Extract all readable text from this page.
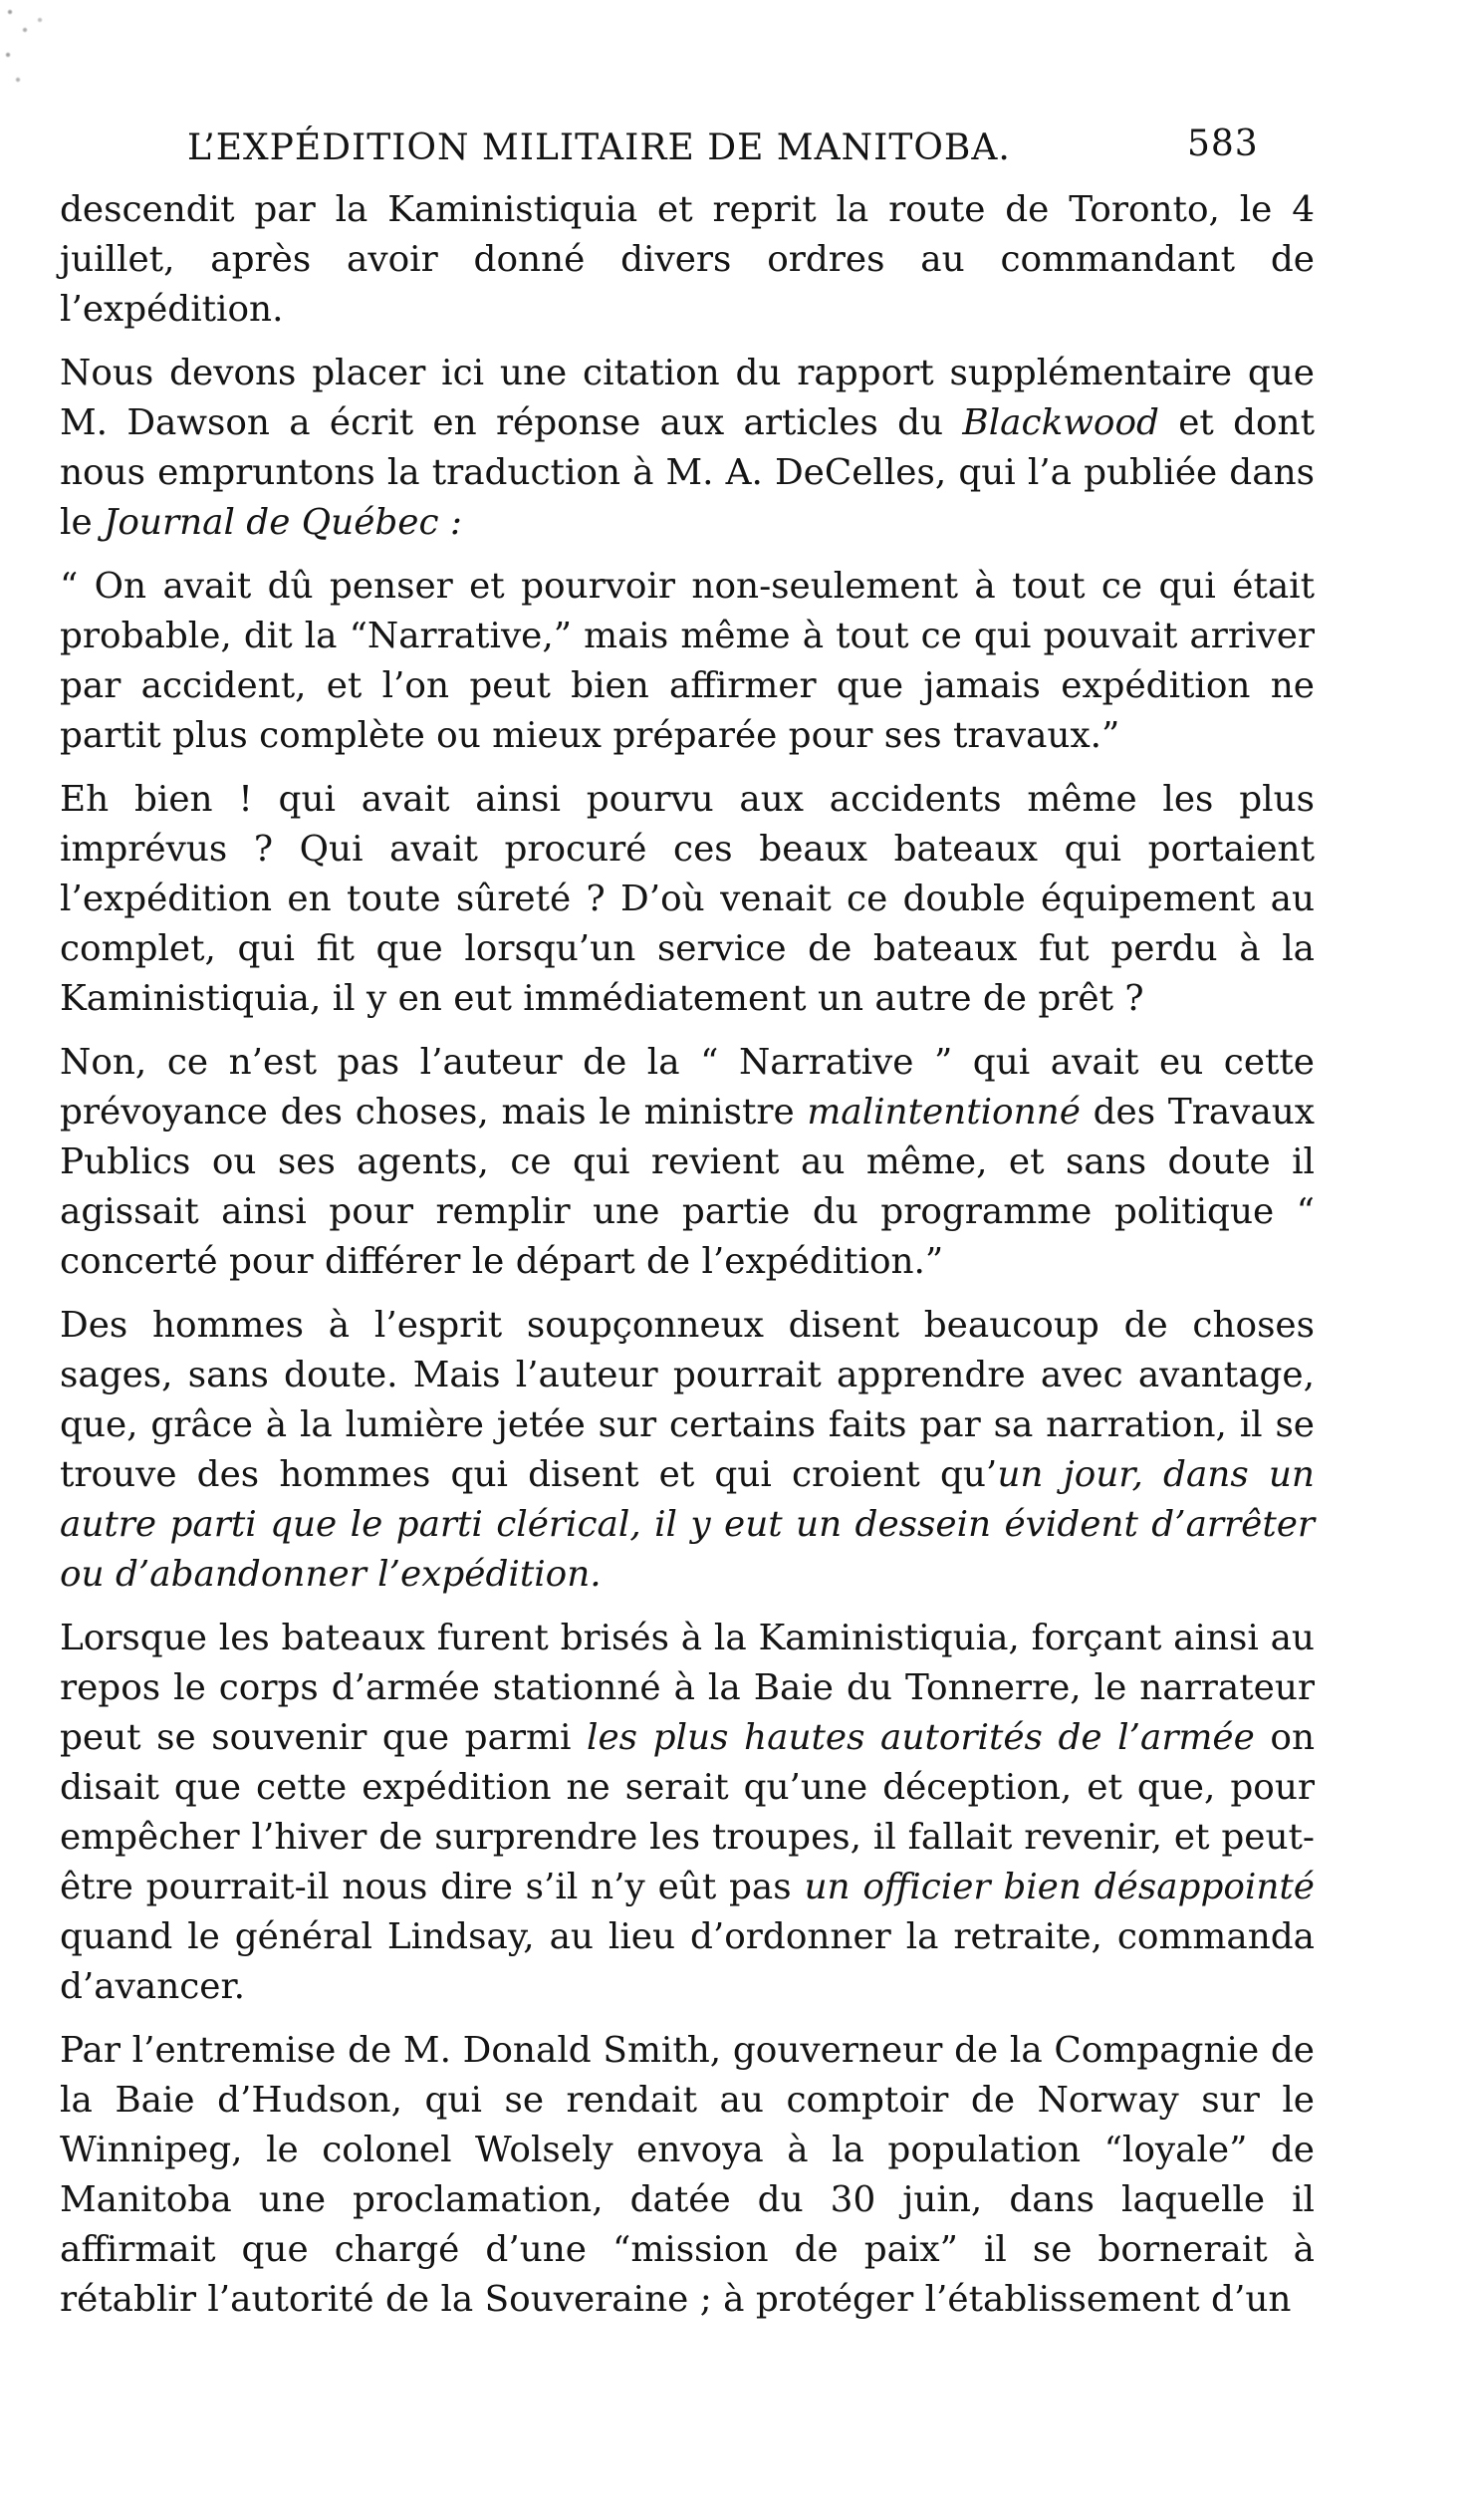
L’EXPÉDITION MILITAIRE DE MANITOBA.	583

descendit par la Kaministiquia et reprit la route de Toronto, le 4 juillet, après avoir donné divers ordres au commandant de l’expédition.

Nous devons placer ici une citation du rapport supplémentaire que M. Dawson a écrit en réponse aux articles du Blackwood et dont nous empruntons la traduction à M. A. DeCelles, qui l’a publiée dans le Journal de Québec :

“ On avait dû penser et pourvoir non-seulement à tout ce qui était probable, dit la “Narrative,” mais même à tout ce qui pouvait arriver par accident, et l’on peut bien affirmer que jamais expédition ne partit plus complète ou mieux préparée pour ses travaux.”

Eh bien ! qui avait ainsi pourvu aux accidents même les plus imprévus ? Qui avait procuré ces beaux bateaux qui portaient l’expédition en toute sûreté ? D’où venait ce double équipement au complet, qui fit que lorsqu’un service de bateaux fut perdu à la Kaministiquia, il y en eut immédiatement un autre de prêt ?

Non, ce n’est pas l’auteur de la “ Narrative ” qui avait eu cette prévoyance des choses, mais le ministre malintentionné des Travaux Publics ou ses agents, ce qui revient au même, et sans doute il agissait ainsi pour remplir une partie du programme politique “ concerté pour différer le départ de l’expédition.”

Des hommes à l’esprit soupçonneux disent beaucoup de choses sages, sans doute. Mais l’auteur pourrait apprendre avec avantage, que, grâce à la lumière jetée sur certains faits par sa narration, il se trouve des hommes qui disent et qui croient qu’un jour, dans un autre parti que le parti clérical, il y eut un dessein évident d’arrêter ou d’abandonner l’expédition.

Lorsque les bateaux furent brisés à la Kaministiquia, forçant ainsi au repos le corps d’armée stationné à la Baie du Tonnerre, le narrateur peut se souvenir que parmi les plus hautes autorités de l’armée on disait que cette expédition ne serait qu’une déception, et que, pour empêcher l’hiver de surprendre les troupes, il fallait revenir, et peut-être pourrait-il nous dire s’il n’y eût pas un officier bien désappointé quand le général Lindsay, au lieu d’ordonner la retraite, commanda d’avancer.

Par l’entremise de M. Donald Smith, gouverneur de la Compagnie de la Baie d’Hudson, qui se rendait au comptoir de Norway sur le Winnipeg, le colonel Wolsely envoya à la population “loyale” de Manitoba une proclamation, datée du 30 juin, dans laquelle il affirmait que chargé d’une “mission de paix” il se bornerait à rétablir l’autorité de la Souveraine ; à protéger l’établissement d’un
